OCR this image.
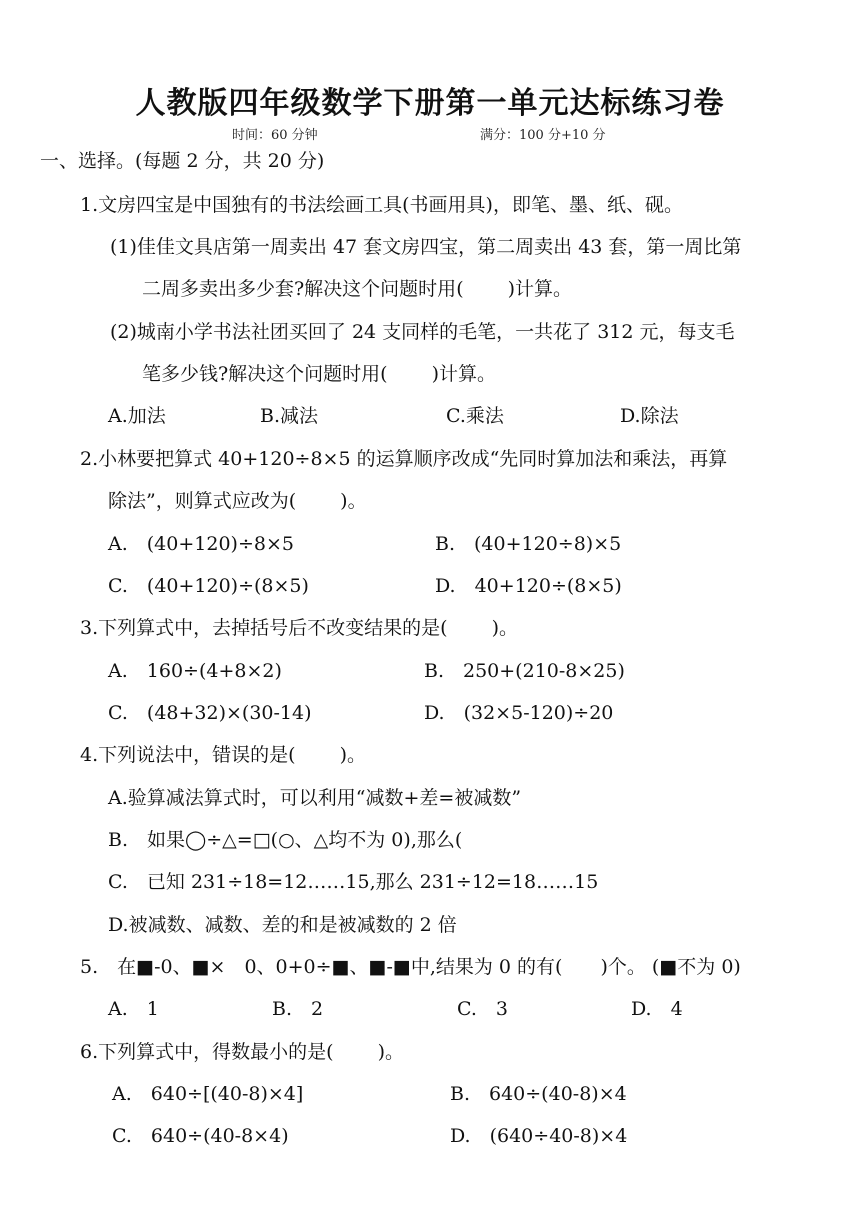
人教版四年级数学下册第一单元达标练习卷
时间：60 分钟	满分：100 分+10 分
一、选择。(每题 2 分，共 20 分)
1.文房四宝是中国独有的书法绘画工具(书画用具)，即笔、墨、纸、砚。
(1)佳佳文具店第一周卖出 47 套文房四宝，第二周卖出 43 套，第一周比第
二周多卖出多少套?解决这个问题时用(　　 )计算。
(2)城南小学书法社团买回了 24 支同样的毛笔，一共花了 312 元，每支毛
笔多少钱?解决这个问题时用(　　 )计算。
A.加法	B.减法	C.乘法	D.除法
2.小林要把算式 40+120÷8×5 的运算顺序改成“先同时算加法和乘法，再算
除法”，则算式应改为(　　 )。
A.　(40+120)÷8×5	B.　(40+120÷8)×5
C.　(40+120)÷(8×5)	D.　40+120÷(8×5)
3.下列算式中，去掉括号后不改变结果的是(　　 )。
A.　160÷(4+8×2)	B.　250+(210-8×25)
C.　(48+32)×(30-14)	D.　(32×5-120)÷20
4.下列说法中，错误的是(　　 )。
A.验算减法算式时，可以利用“减数+差=被减数”
B.　如果◯÷△=□(○、△均不为 0),那么(
C.　已知 231÷18=12……15,那么 231÷12=18……15
D.被减数、减数、差的和是被减数的 2 倍
5.　在■-0、■×　0、0+0÷■、■-■中,结果为 0 的有(　　)个。 (■不为 0)
A.　1	B.　2	C.　3	D.　4
6.下列算式中，得数最小的是(　　 )。
A.　640÷[(40-8)×4]	B.　640÷(40-8)×4
C.　640÷(40-8×4)	D.　(640÷40-8)×4
